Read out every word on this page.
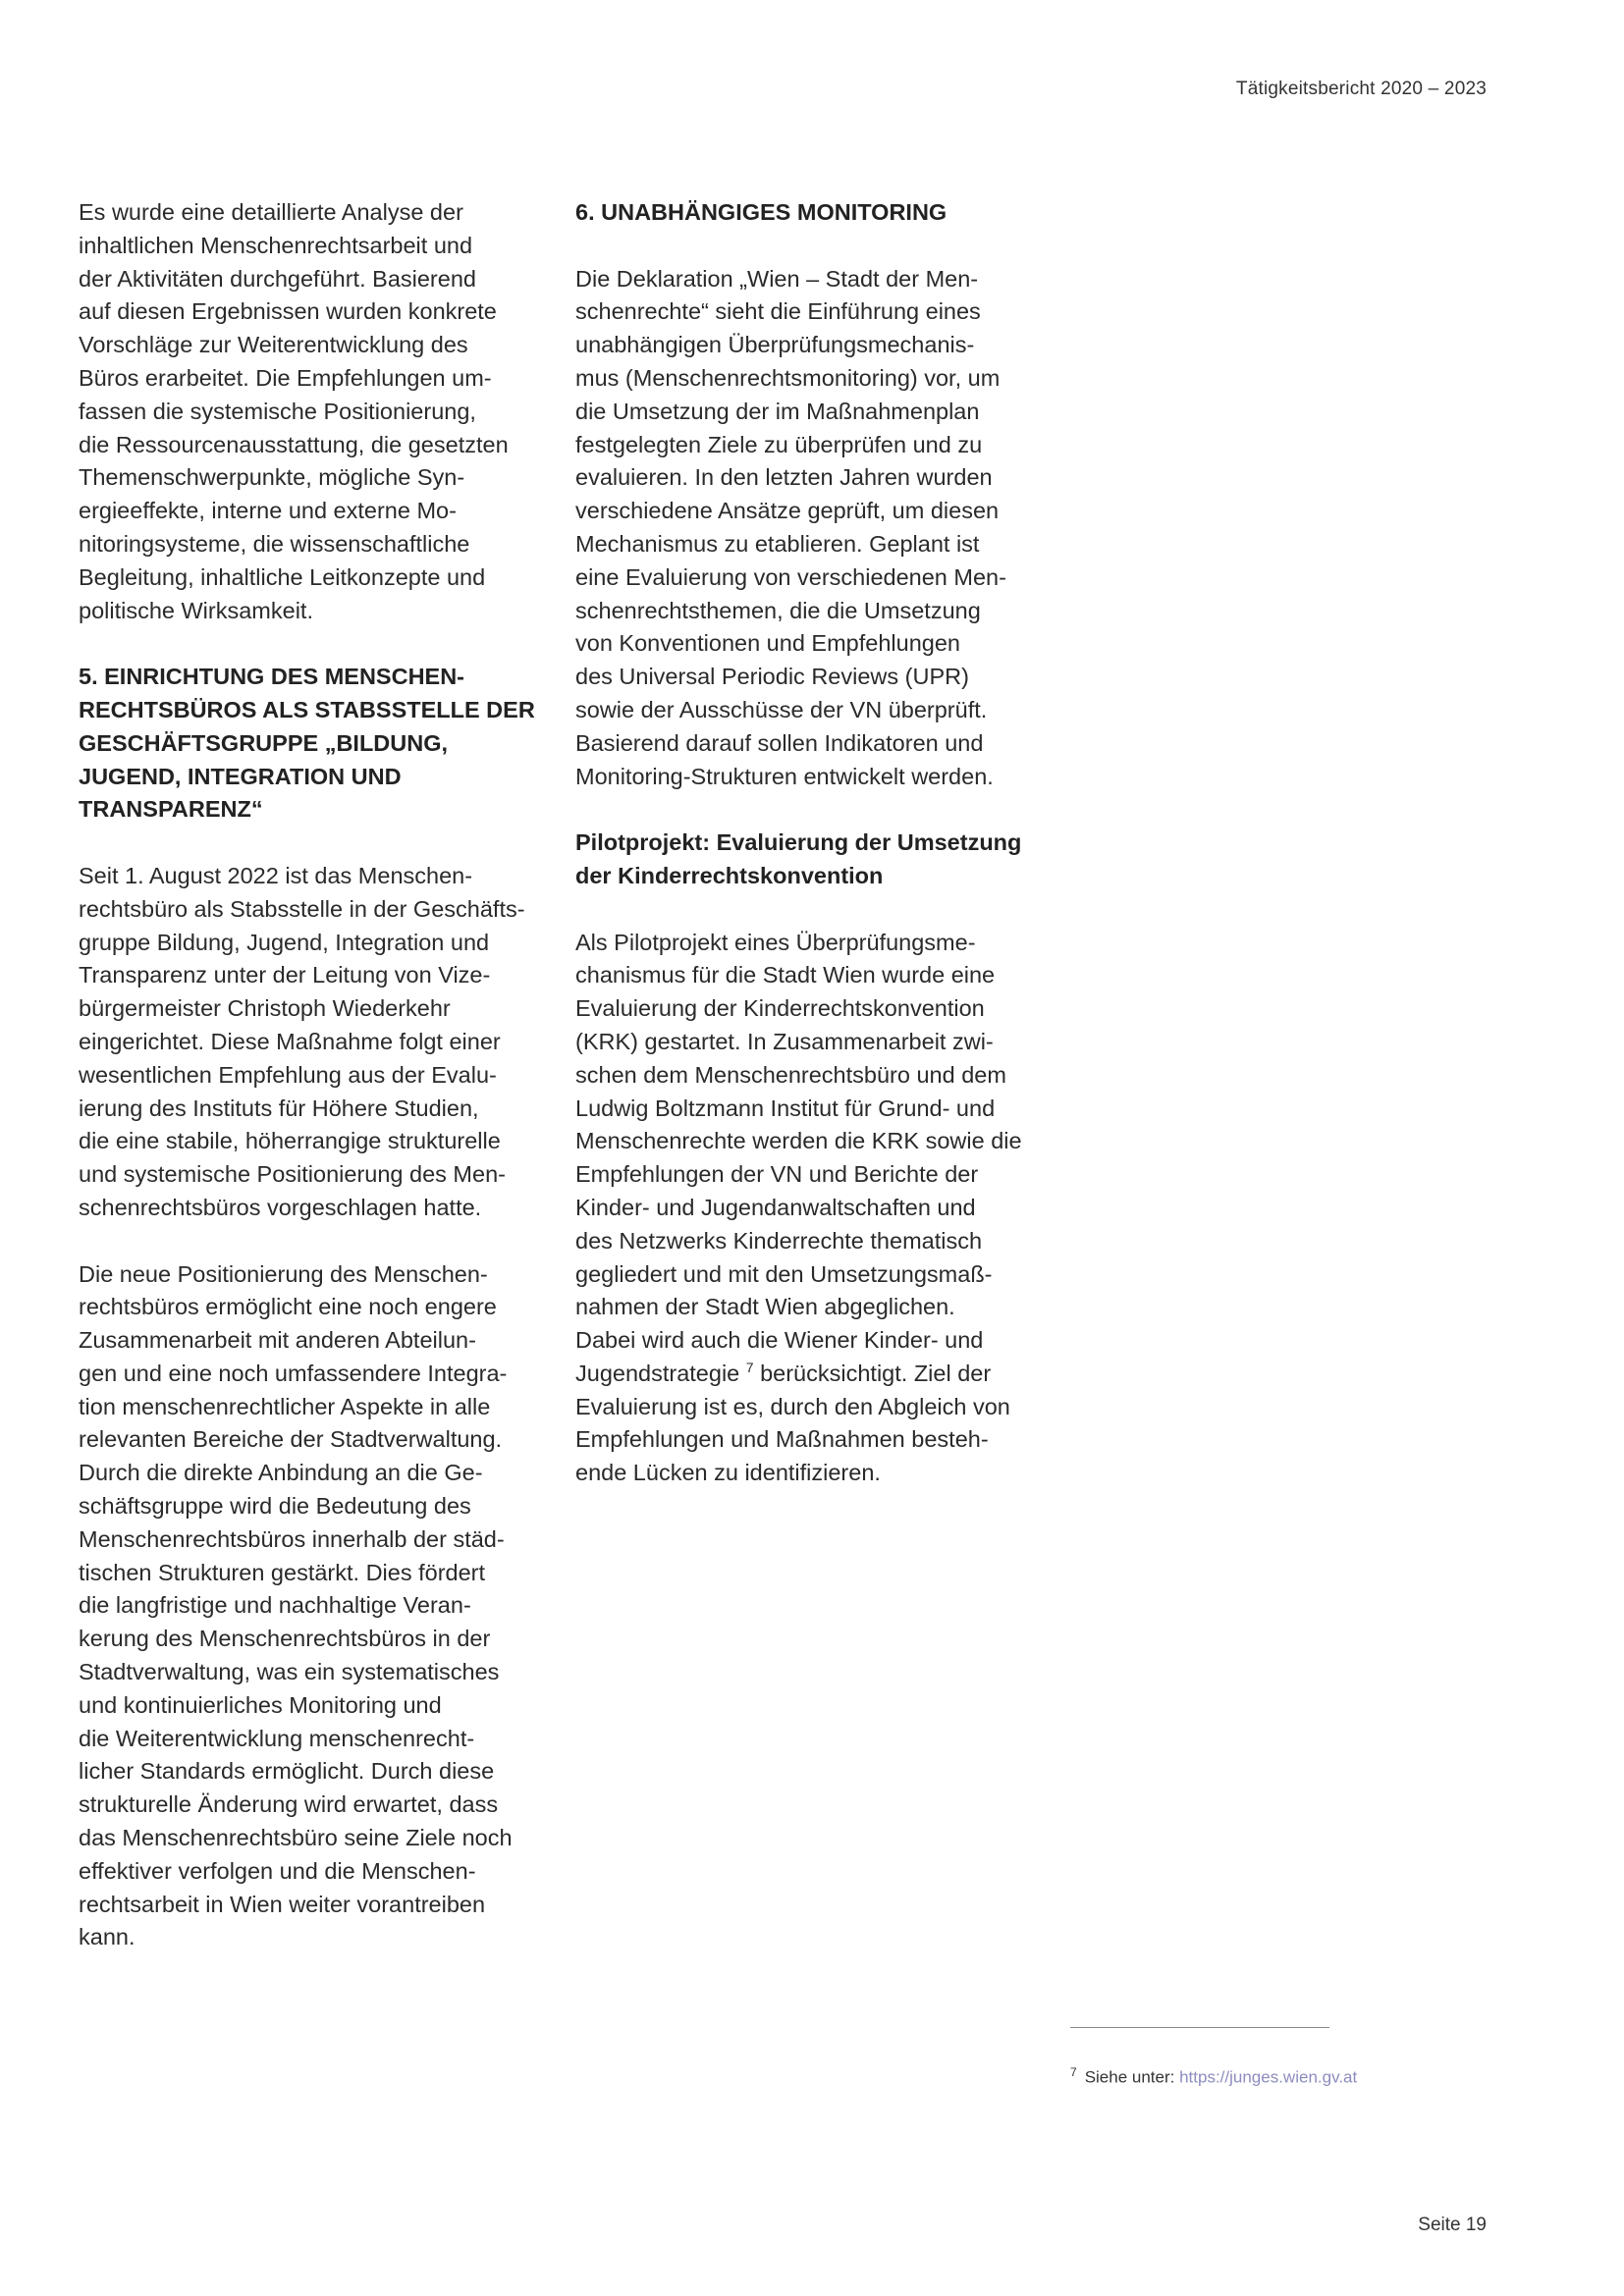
Tätigkeitsbericht 2020 – 2023

Es wurde eine detaillierte Analyse der
inhaltlichen Menschenrechtsarbeit und
der Aktivitäten durchgeführt. Basierend
auf diesen Ergebnissen wurden konkrete
Vorschläge zur Weiterentwicklung des
Büros erarbeitet. Die Empfehlungen um-
fassen die systemische Positionierung,
die Ressourcenausstattung, die gesetzten
Themenschwerpunkte, mögliche Syn-
ergieeffekte, interne und externe Mo-
nitoringsysteme, die wissenschaftliche
Begleitung, inhaltliche Leitkonzepte und
politische Wirksamkeit.

5. EINRICHTUNG DES MENSCHEN-
RECHTSBÜROS ALS STABSSTELLE DER
GESCHÄFTSGRUPPE „BILDUNG,
JUGEND, INTEGRATION UND
TRANSPARENZ“

Seit 1. August 2022 ist das Menschen-
rechtsbüro als Stabsstelle in der Geschäfts-
gruppe Bildung, Jugend, Integration und
Transparenz unter der Leitung von Vize-
bürgermeister Christoph Wiederkehr
eingerichtet. Diese Maßnahme folgt einer
wesentlichen Empfehlung aus der Evalu-
ierung des Instituts für Höhere Studien,
die eine stabile, höherrangige strukturelle
und systemische Positionierung des Men-
schenrechtsbüros vorgeschlagen hatte.

Die neue Positionierung des Menschen-
rechtsbüros ermöglicht eine noch engere
Zusammenarbeit mit anderen Abteilun-
gen und eine noch umfassendere Integra-
tion menschenrechtlicher Aspekte in alle
relevanten Bereiche der Stadtverwaltung.
Durch die direkte Anbindung an die Ge-
schäftsgruppe wird die Bedeutung des
Menschenrechtsbüros innerhalb der städ-
tischen Strukturen gestärkt. Dies fördert
die langfristige und nachhaltige Veran-
kerung des Menschenrechtsbüros in der
Stadtverwaltung, was ein systematisches
und kontinuierliches Monitoring und
die Weiterentwicklung menschenrecht-
licher Standards ermöglicht. Durch diese
strukturelle Änderung wird erwartet, dass
das Menschenrechtsbüro seine Ziele noch
effektiver verfolgen und die Menschen-
rechtsarbeit in Wien weiter vorantreiben
kann.

6. UNABHÄNGIGES MONITORING

Die Deklaration „Wien – Stadt der Men-
schenrechte“ sieht die Einführung eines
unabhängigen Überprüfungsmechanis-
mus (Menschenrechtsmonitoring) vor, um
die Umsetzung der im Maßnahmenplan
festgelegten Ziele zu überprüfen und zu
evaluieren. In den letzten Jahren wurden
verschiedene Ansätze geprüft, um diesen
Mechanismus zu etablieren. Geplant ist
eine Evaluierung von verschiedenen Men-
schenrechtsthemen, die die Umsetzung
von Konventionen und Empfehlungen
des Universal Periodic Reviews (UPR)
sowie der Ausschüsse der VN überprüft.
Basierend darauf sollen Indikatoren und
Monitoring-Strukturen entwickelt werden.

Pilotprojekt: Evaluierung der Umsetzung
der Kinderrechtskonvention

Als Pilotprojekt eines Überprüfungsme-
chanismus für die Stadt Wien wurde eine
Evaluierung der Kinderrechtskonvention
(KRK) gestartet. In Zusammenarbeit zwi-
schen dem Menschenrechtsbüro und dem
Ludwig Boltzmann Institut für Grund- und
Menschenrechte werden die KRK sowie die
Empfehlungen der VN und Berichte der
Kinder- und Jugendanwaltschaften und
des Netzwerks Kinderrechte thematisch
gegliedert und mit den Umsetzungsmaß-
nahmen der Stadt Wien abgeglichen.
Dabei wird auch die Wiener Kinder- und
Jugendstrategie $^7$ berücksichtigt. Ziel der
Evaluierung ist es, durch den Abgleich von
Empfehlungen und Maßnahmen besteh-
ende Lücken zu identifizieren.

$^7$ Siehe unter: https://junges.wien.gv.at
Seite 19
